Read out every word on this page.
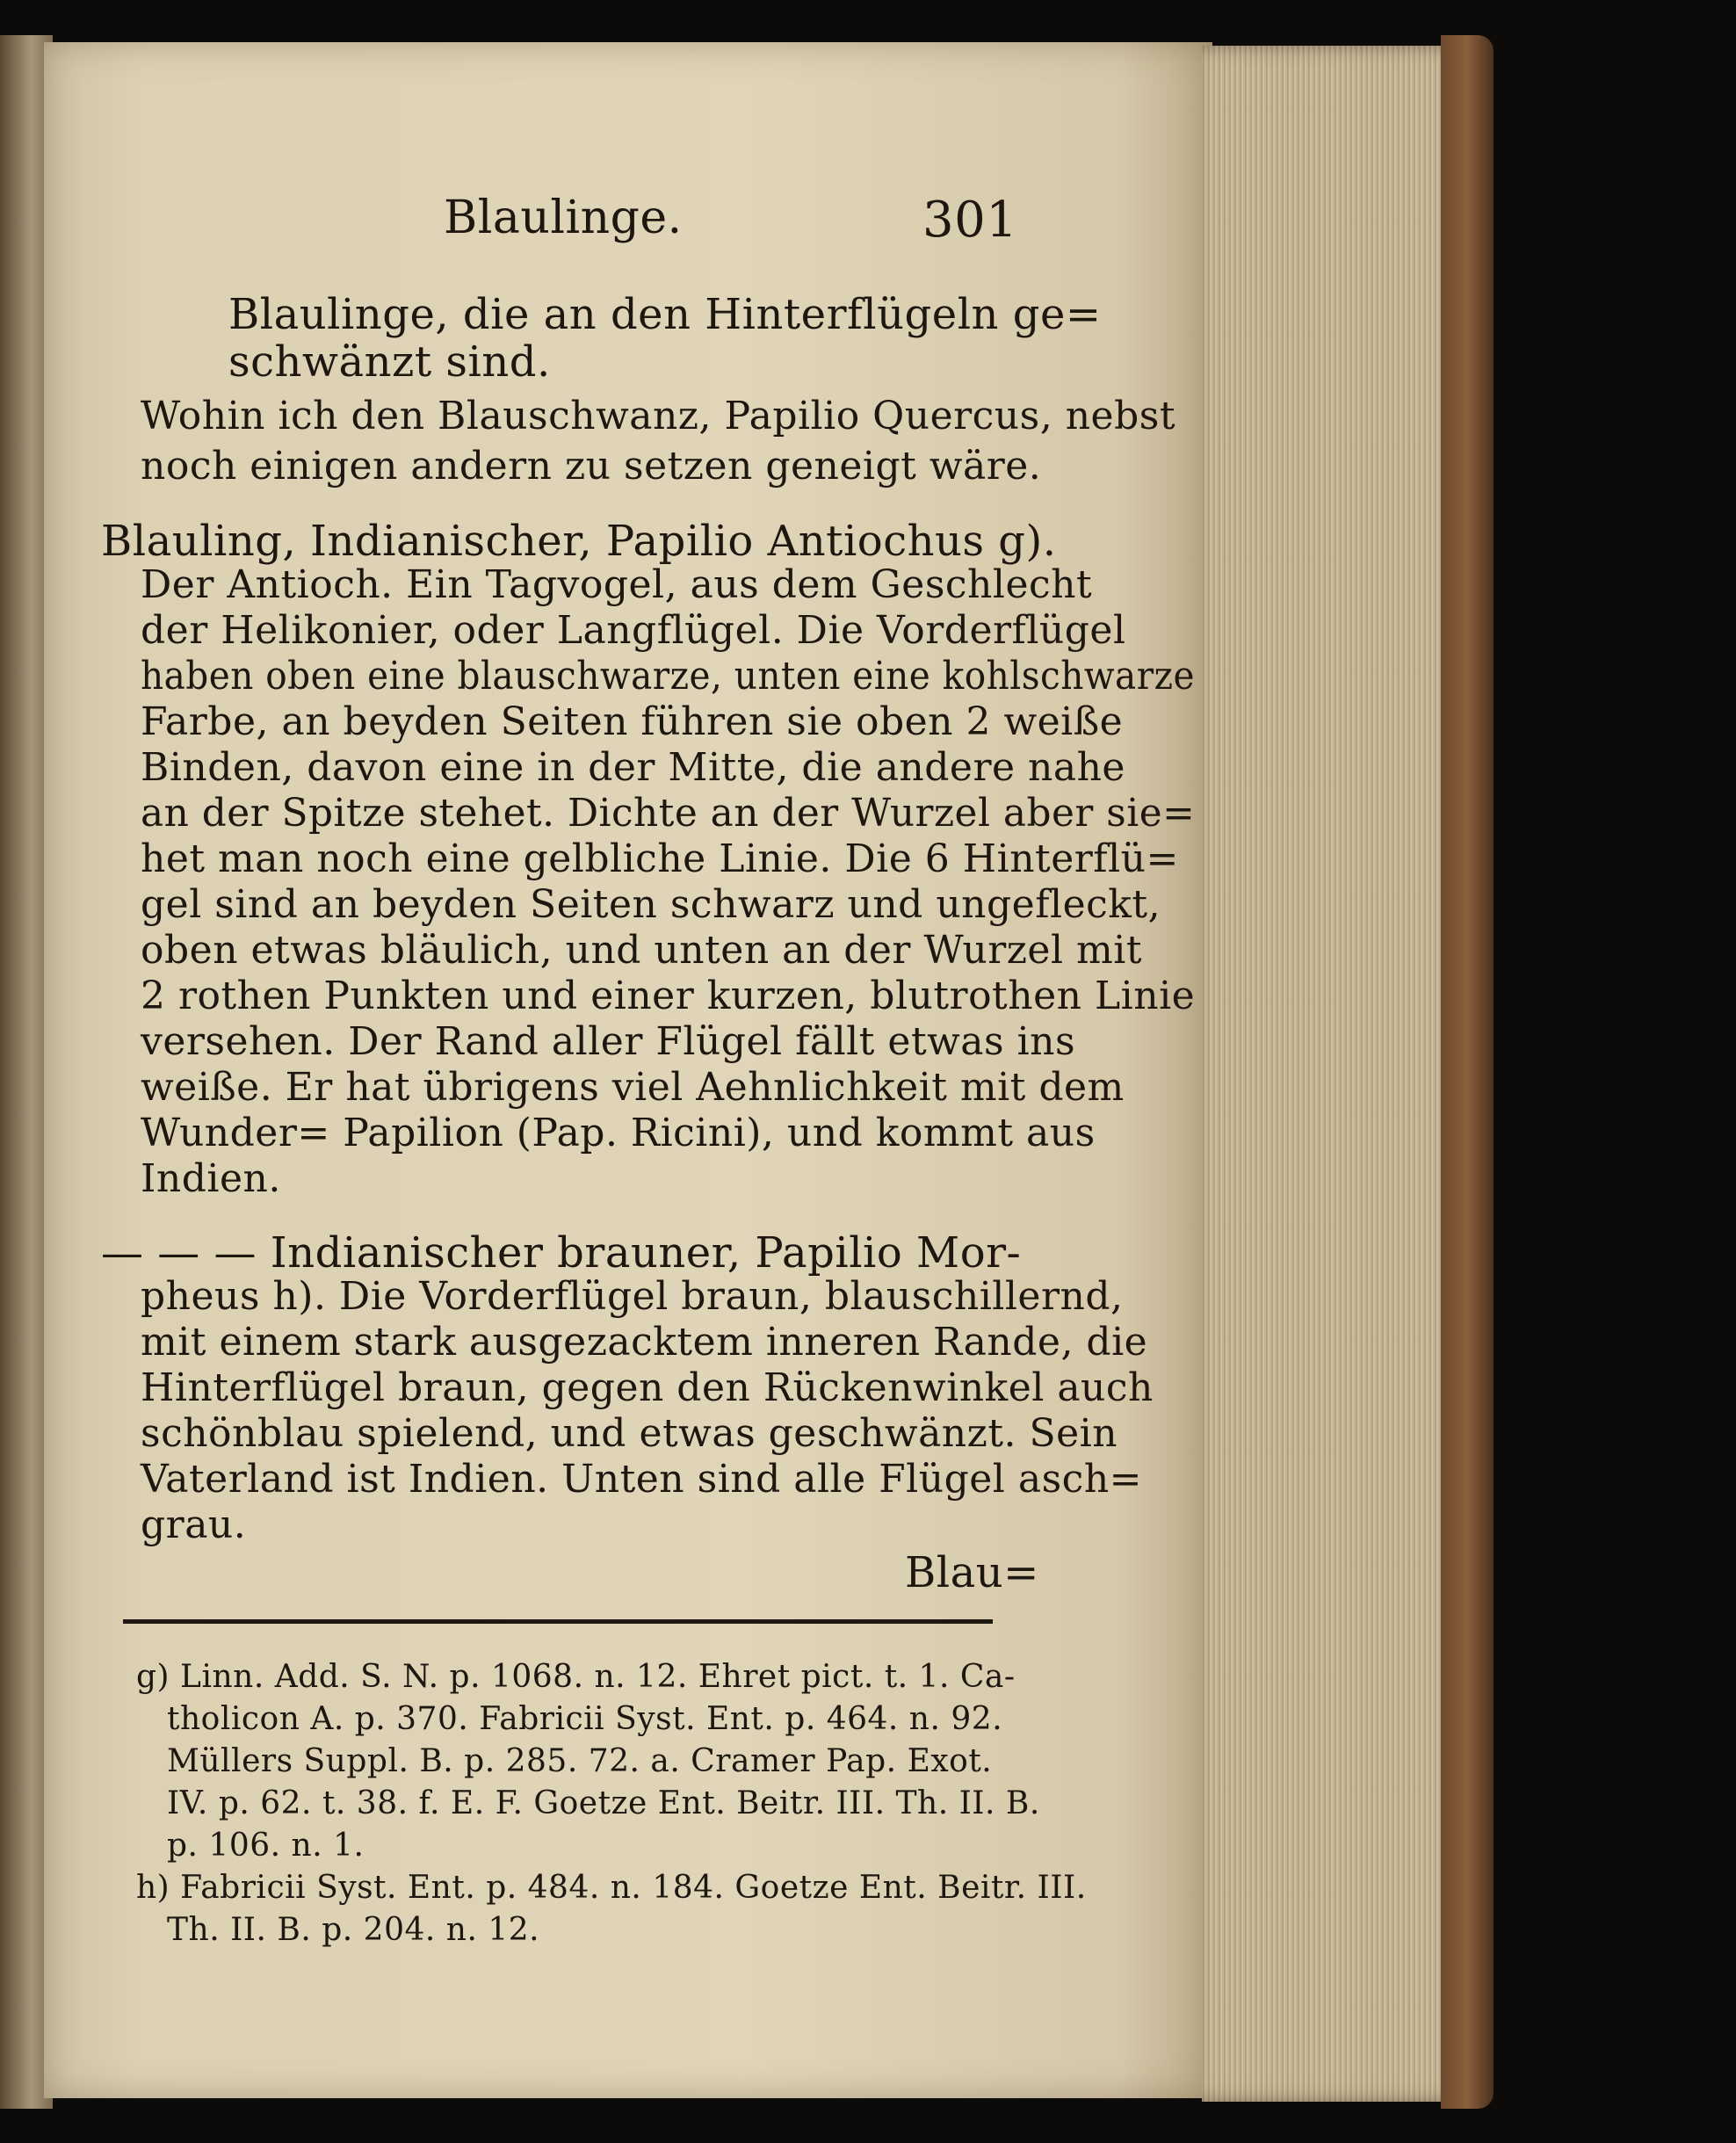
Blaulinge.	301
Blaulinge, die an den Hinterflügeln ge=
schwänzt sind.
Wohin ich den Blauschwanz, Papilio Quercus, nebst
noch einigen andern zu setzen geneigt wäre.
Blauling, Indianischer, Papilio Antiochus g).
Der Antioch. Ein Tagvogel, aus dem Geschlecht
der Helikonier, oder Langflügel. Die Vorderflügel
haben oben eine blauschwarze, unten eine kohlschwarze
Farbe, an beyden Seiten führen sie oben 2 weiße
Binden, davon eine in der Mitte, die andere nahe
an der Spitze stehet. Dichte an der Wurzel aber sie=
het man noch eine gelbliche Linie. Die 6 Hinterflü=
gel sind an beyden Seiten schwarz und ungefleckt,
oben etwas bläulich, und unten an der Wurzel mit
2 rothen Punkten und einer kurzen, blutrothen Linie
versehen. Der Rand aller Flügel fällt etwas ins
weiße. Er hat übrigens viel Aehnlichkeit mit dem
Wunder= Papilion (Pap. Ricini), und kommt aus
Indien.
— — — Indianischer brauner, Papilio Mor-
pheus h). Die Vorderflügel braun, blauschillernd,
mit einem stark ausgezacktem inneren Rande, die
Hinterflügel braun, gegen den Rückenwinkel auch
schönblau spielend, und etwas geschwänzt. Sein
Vaterland ist Indien. Unten sind alle Flügel asch=
grau.
Blau=
g) Linn. Add. S. N. p. 1068. n. 12. Ehret pict. t. 1. Ca-
tholicon A. p. 370. Fabricii Syst. Ent. p. 464. n. 92.
Müllers Suppl. B. p. 285. 72. a. Cramer Pap. Exot.
IV. p. 62. t. 38. f. E. F. Goetze Ent. Beitr. III. Th. II. B.
p. 106. n. 1.
h) Fabricii Syst. Ent. p. 484. n. 184. Goetze Ent. Beitr. III.
Th. II. B. p. 204. n. 12.
